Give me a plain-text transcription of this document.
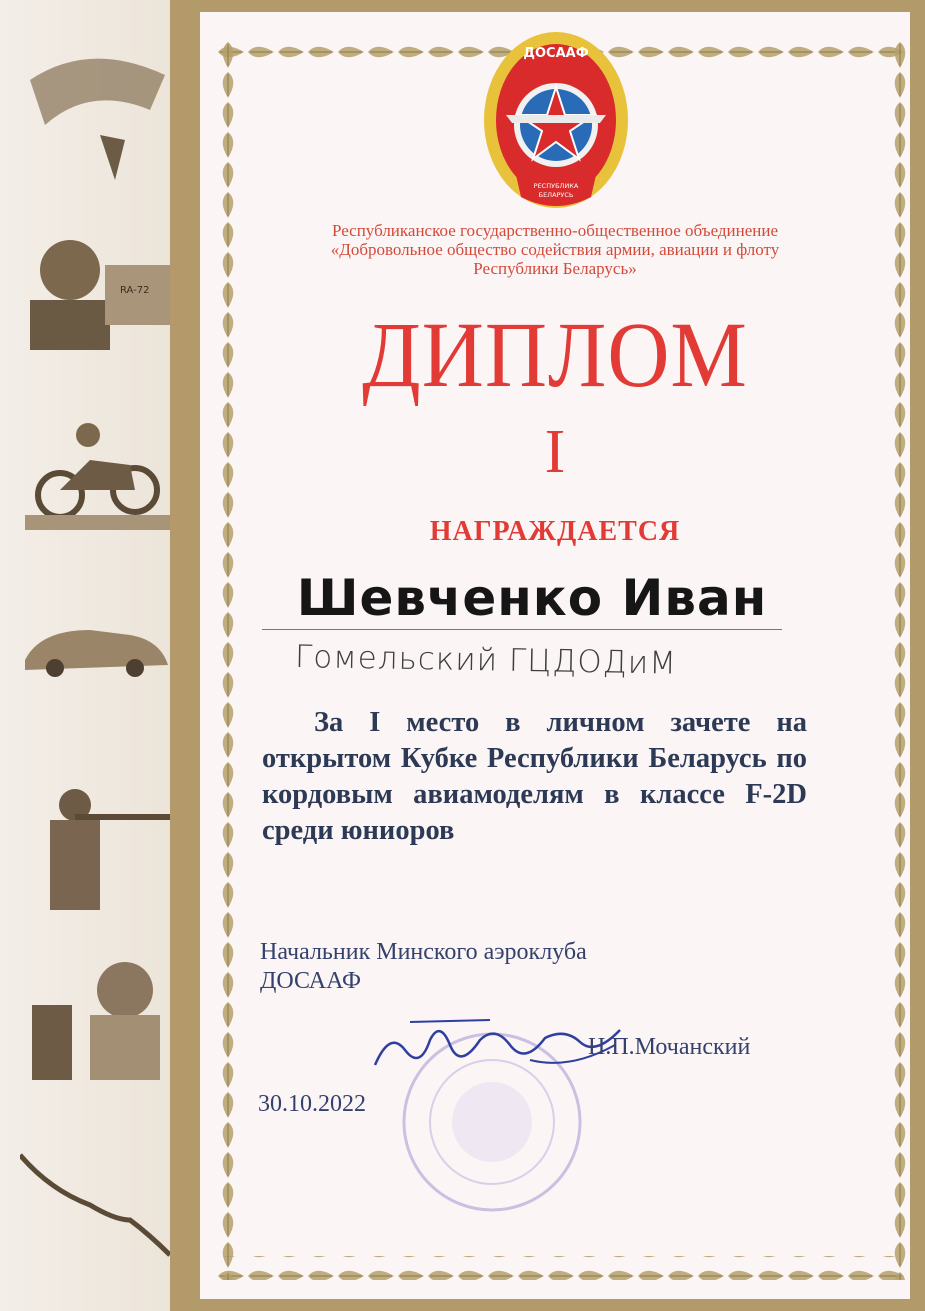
RA-72
ДОСААФ
РЕСПУБЛИКА
БЕЛАРУСЬ
Республиканское государственно-общественное объединение
«Добровольное общество содействия армии, авиации и флоту
Республики Беларусь»
ДИПЛОМ
I
НАГРАЖДАЕТСЯ
Шевченко Иван
Гомельский ГЦДОДиМ
За I место в личном зачете на открытом Кубке Республики Беларусь по кордовым авиамоделям в классе F-2D среди юниоров
Начальник Минского аэроклуба
ДОСААФ
Н.П.Мочанский
30.10.2022
